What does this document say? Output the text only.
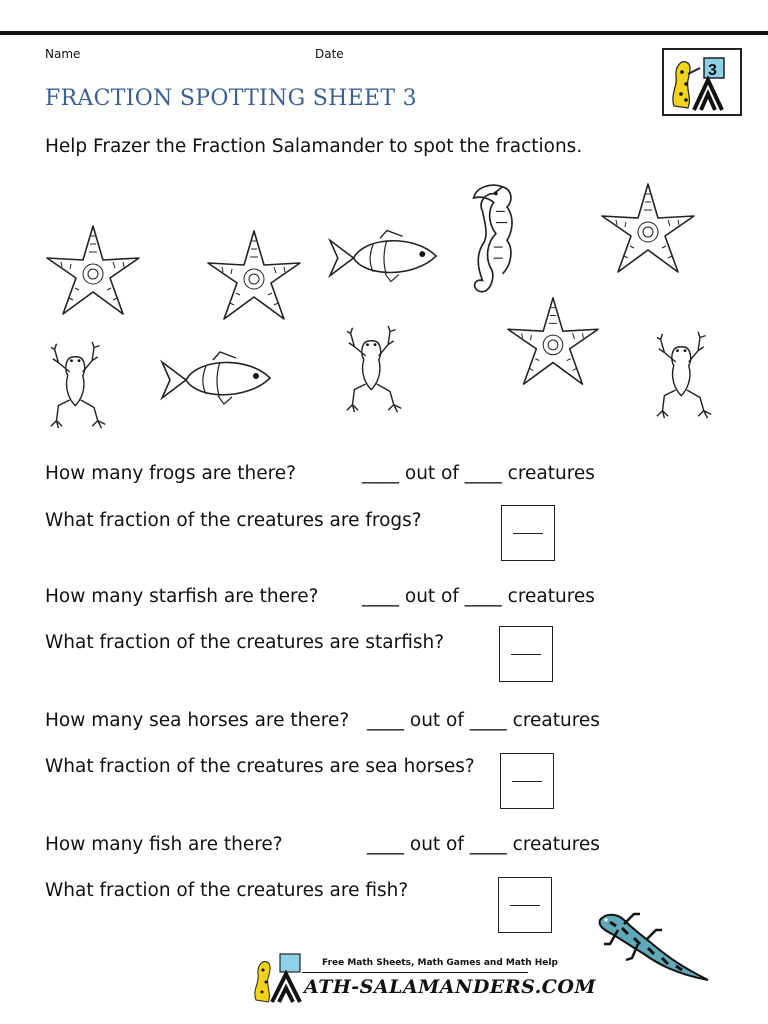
Name	Date
3
FRACTION SPOTTING SHEET 3
Help Frazer the Fraction Salamander to spot the fractions.
How many frogs are there?	____ out of ____ creatures
What fraction of the creatures are frogs?
How many starfish are there? ____ out of ____ creatures
What fraction of the creatures are starfish?
How many sea horses are there? ____ out of ____ creatures
What fraction of the creatures are sea horses?
How many fish are there?	____ out of ____ creatures
What fraction of the creatures are fish?
Free Math Sheets, Math Games and Math Help
ATH-SALAMANDERS.COM
